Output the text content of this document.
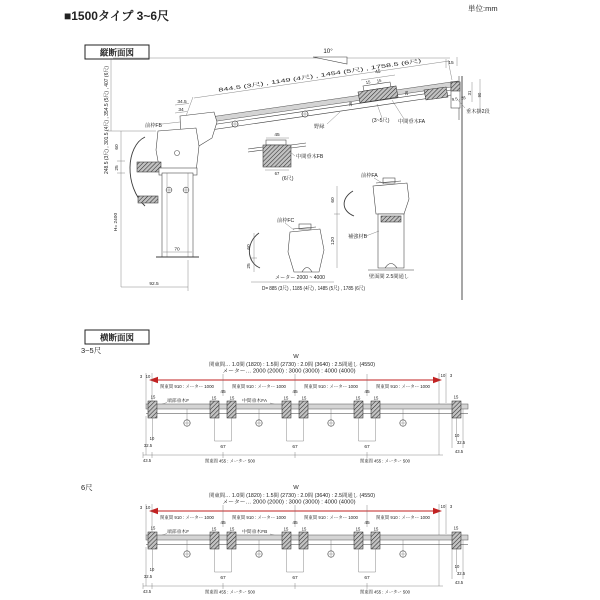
■1500タイプ 3~6尺
単位:mm
縦断面図
844.5 (3尺) , 1149 (4尺) , 1454 (5尺) , 1758.5 (6尺)
10°
15
9.5 , 26
31 90
垂木掛2段
45
15 15
36
26
(3~5尺) 中間垂木FA
野縁
45
67
(6尺)
中間垂木FB
34.5
34
前枠FB
70
248.5 (3尺) , 301.5 (4尺) , 354.5 (5尺) , 407 (6尺) 60
25
H= 2400
92.5
前枠FC
60
25
メーター 2000 ~ 4000
D= 885 (3尺) , 1185 (4尺) , 1485 (5尺) , 1785 (6尺)
前枠FA
60
120 補強材B
壁面間 2.5間通し
横断面図
3~5尺
6尺
W
関東間… 1.0間 (1820) : 1.5間 (2730) : 2.0間 (3640) : 2.5間通し (4550)
メーター… 2000 (2000) : 3000 (3000) : 4000 (4000)
3 10	10 3
関東間 910 : メーター 1000	関東間 910 : メーター 1000	関東間 910 : メーター 1000	関東間 910 : メーター 1000
45	45	45
15	15	15	15	15	15	15	15
端部垂木F	中間垂木FA
67	67	67
関東間 455 : メーター 500	関東間 455 : メーター 500
10
32.5
43.5
10
32.5
43.5
W
関東間… 1.0間 (1820) : 1.5間 (2730) : 2.0間 (3640) : 2.5間通し (4550)
メーター… 2000 (2000) : 3000 (3000) : 4000 (4000)
3 10	10 3
関東間 910 : メーター 1000	関東間 910 : メーター 1000	関東間 910 : メーター 1000	関東間 910 : メーター 1000
45	45	45
15	15	15	15	15	15	15	15
端部垂木F	中間垂木FB
67	67	67
関東間 455 : メーター 500	関東間 455 : メーター 500
10
32.5
43.5
10
32.5
43.5
